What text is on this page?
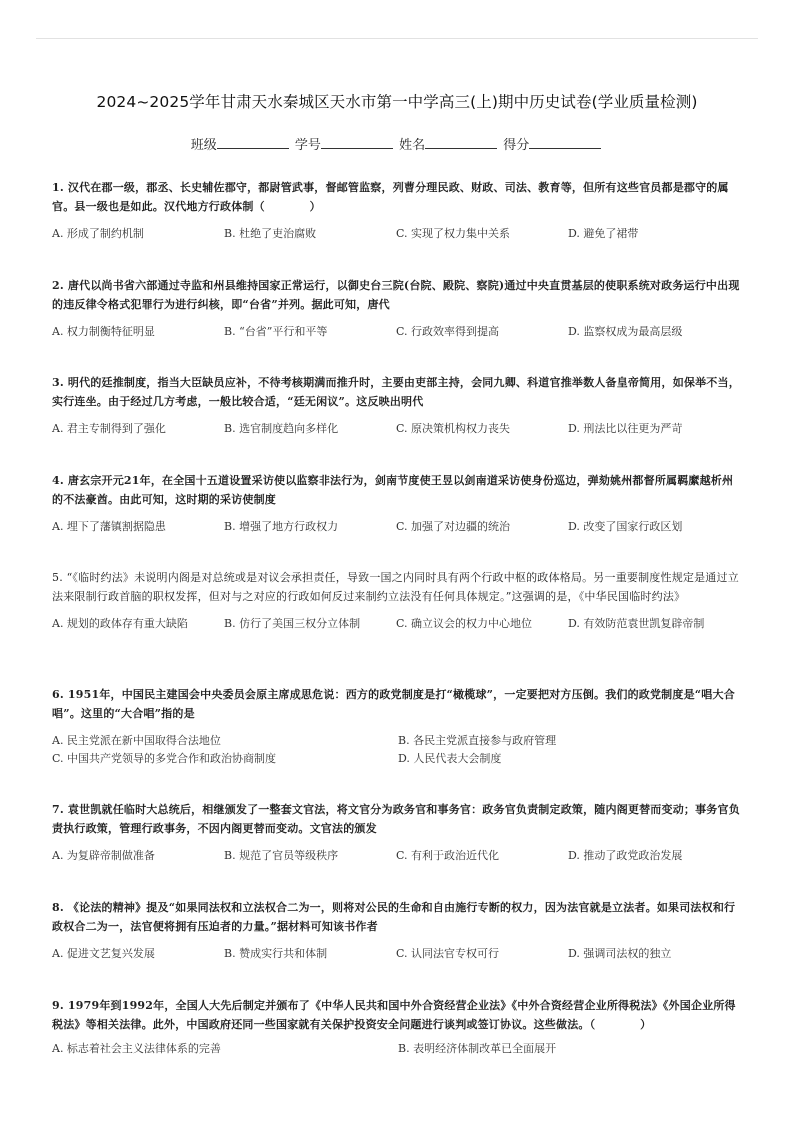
2024~2025学年甘肃天水秦城区天水市第一中学高三(上)期中历史试卷(学业质量检测)
班级	学号	姓名	得分
1. 汉代在郡一级，郡丞、长史辅佐郡守，都尉管武事，督邮管监察，列曹分理民政、财政、司法、教育等，但所有这些官员都是郡守的属官。县一级也是如此。汉代地方行政体制（　　　　）
A. 形成了制约机制	B. 杜绝了吏治腐败	C. 实现了权力集中关系	D. 避免了裙带
2. 唐代以尚书省六部通过寺监和州县维持国家正常运行，以御史台三院(台院、殿院、察院)通过中央直贯基层的使职系统对政务运行中出现的违反律令格式犯罪行为进行纠核，即“台省”并列。据此可知，唐代
A. 权力制衡特征明显	B. “台省”平行和平等	C. 行政效率得到提高	D. 监察权成为最高层级
3. 明代的廷推制度，指当大臣缺员应补，不待考核期满而推升时，主要由吏部主持，会同九卿、科道官推举数人备皇帝简用，如保举不当，实行连坐。由于经过几方考虑，一般比较合适，“廷无闲议”。这反映出明代
A. 君主专制得到了强化	B. 选官制度趋向多样化	C. 原决策机构权力丧失	D. 刑法比以往更为严苛
4. 唐玄宗开元21年，在全国十五道设置采访使以监察非法行为，剑南节度使王昱以剑南道采访使身份巡边，弹劾姚州都督所属羁縻越析州的不法豪酋。由此可知，这时期的采访使制度
A. 埋下了藩镇割据隐患	B. 增强了地方行政权力	C. 加强了对边疆的统治	D. 改变了国家行政区划
5. “《临时约法》未说明内阁是对总统或是对议会承担责任，导致一国之内同时具有两个行政中枢的政体格局。另一重要制度性规定是通过立法来限制行政首脑的职权发挥，但对与之对应的行政如何反过来制约立法没有任何具体规定。”这强调的是，《中华民国临时约法》
A. 规划的政体存有重大缺陷	B. 仿行了美国三权分立体制	C. 确立议会的权力中心地位	D. 有效防范袁世凯复辟帝制
6. 1951年，中国民主建国会中央委员会原主席成思危说：西方的政党制度是打“橄榄球”，一定要把对方压倒。我们的政党制度是“唱大合唱”。这里的“大合唱”指的是
A. 民主党派在新中国取得合法地位	B. 各民主党派直接参与政府管理
C. 中国共产党领导的多党合作和政治协商制度	D. 人民代表大会制度
7. 袁世凯就任临时大总统后，相继颁发了一整套文官法，将文官分为政务官和事务官：政务官负责制定政策，随内阁更替而变动；事务官负责执行政策，管理行政事务，不因内阁更替而变动。文官法的颁发
A. 为复辟帝制做准备	B. 规范了官员等级秩序	C. 有利于政治近代化	D. 推动了政党政治发展
8. 《论法的精神》提及“如果同法权和立法权合二为一，则将对公民的生命和自由施行专断的权力，因为法官就是立法者。如果司法权和行政权合二为一，法官便将拥有压迫者的力量。”据材料可知该书作者
A. 促进文艺复兴发展	B. 赞成实行共和体制	C. 认同法官专权可行	D. 强调司法权的独立
9. 1979年到1992年，全国人大先后制定并颁布了《中华人民共和国中外合资经营企业法》《中外合资经营企业所得税法》《外国企业所得税法》等相关法律。此外，中国政府还同一些国家就有关保护投资安全问题进行谈判或签订协议。这些做法。（　　　　）
A. 标志着社会主义法律体系的完善	B. 表明经济体制改革已全面展开
